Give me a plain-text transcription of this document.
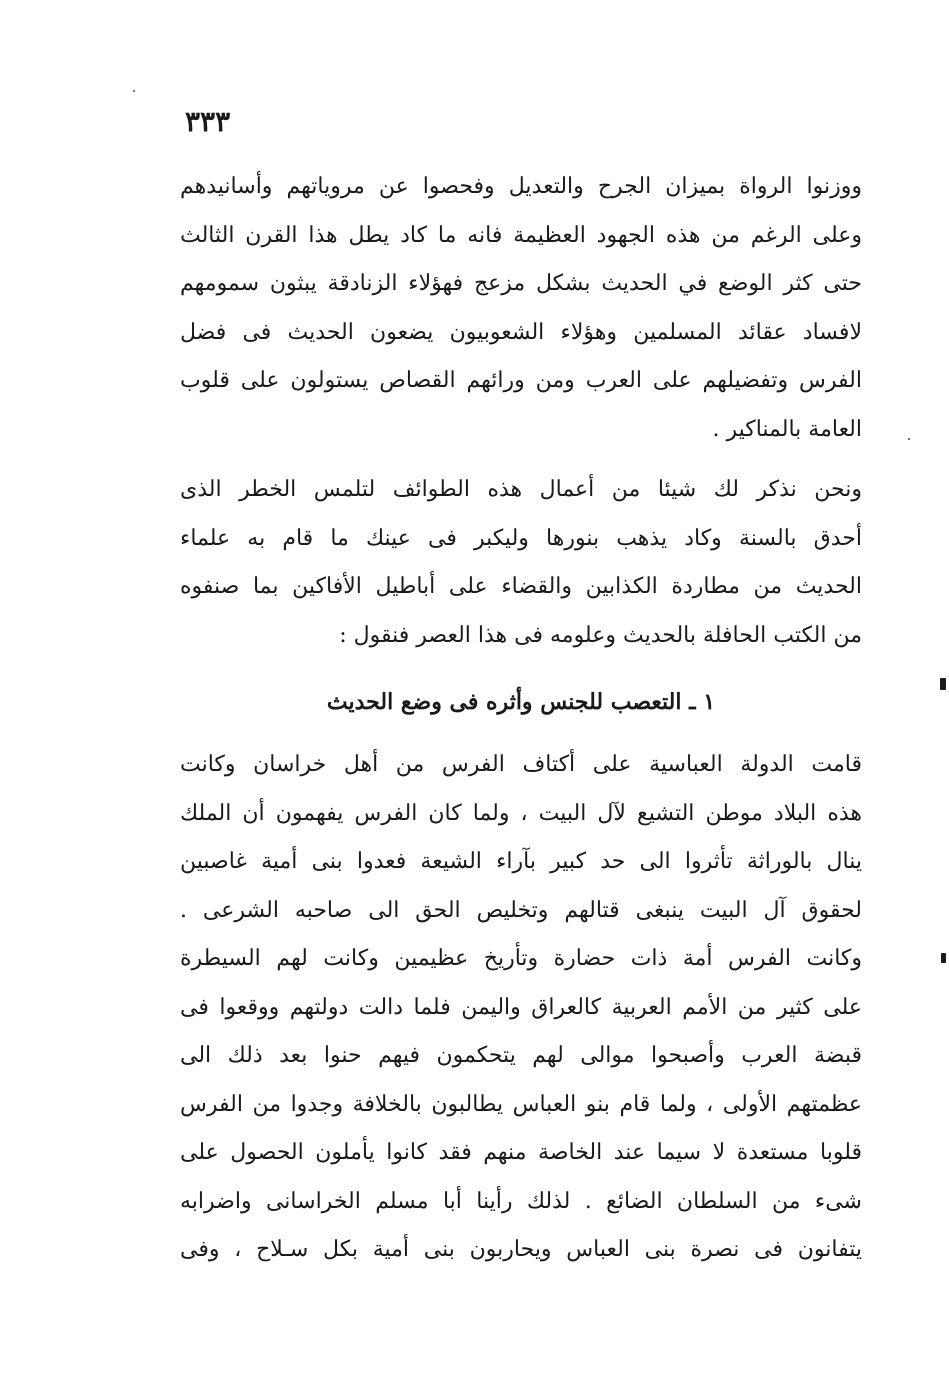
٣٣٣
ووزنوا الرواة بميزان الجرح والتعديل وفحصوا عن مروياتهم وأسانيدهم
وعلى الرغم من هذه الجهود العظيمة فانه ما كاد يطل هذا القرن الثالث
حتى كثر الوضع في الحديث بشكل مزعج فهؤلاء الزنادقة يبثون سمومهم
لافساد عقائد المسلمين وهؤلاء الشعوبيون يضعون الحديث فى فضل
الفرس وتفضيلهم على العرب ومن ورائهم القصاص يستولون على قلوب
العامة بالمناكير .
ونحن نذكر لك شيئا من أعمال هذه الطوائف لتلمس الخطر الذى
أحدق بالسنة وكاد يذهب بنورها وليكبر فى عينك ما قام به علماء
الحديث من مطاردة الكذابين والقضاء على أباطيل الأفاكين بما صنفوه
من الكتب الحافلة بالحديث وعلومه فى هذا العصر فنقول :
١ ـ التعصب للجنس وأثره فى وضع الحديث
قامت الدولة العباسية على أكتاف الفرس من أهل خراسان وكانت
هذه البلاد موطن التشيع لآل البيت ، ولما كان الفرس يفهمون أن الملك
ينال بالوراثة تأثروا الى حد كبير بآراء الشيعة فعدوا بنى أمية غاصبين
لحقوق آل البيت ينبغى قتالهم وتخليص الحق الى صاحبه الشرعى .
وكانت الفرس أمة ذات حضارة وتأريخ عظيمين وكانت لهم السيطرة
على كثير من الأمم العربية كالعراق واليمن فلما دالت دولتهم ووقعوا فى
قبضة العرب وأصبحوا موالى لهم يتحكمون فيهم حنوا بعد ذلك الى
عظمتهم الأولى ، ولما قام بنو العباس يطالبون بالخلافة وجدوا من الفرس
قلوبا مستعدة لا سيما عند الخاصة منهم فقد كانوا يأملون الحصول على
شىء من السلطان الضائع . لذلك رأينا أبا مسلم الخراسانى واضرابه
يتفانون فى نصرة بنى العباس ويحاربون بنى أمية بكل سـلاح ، وفى
